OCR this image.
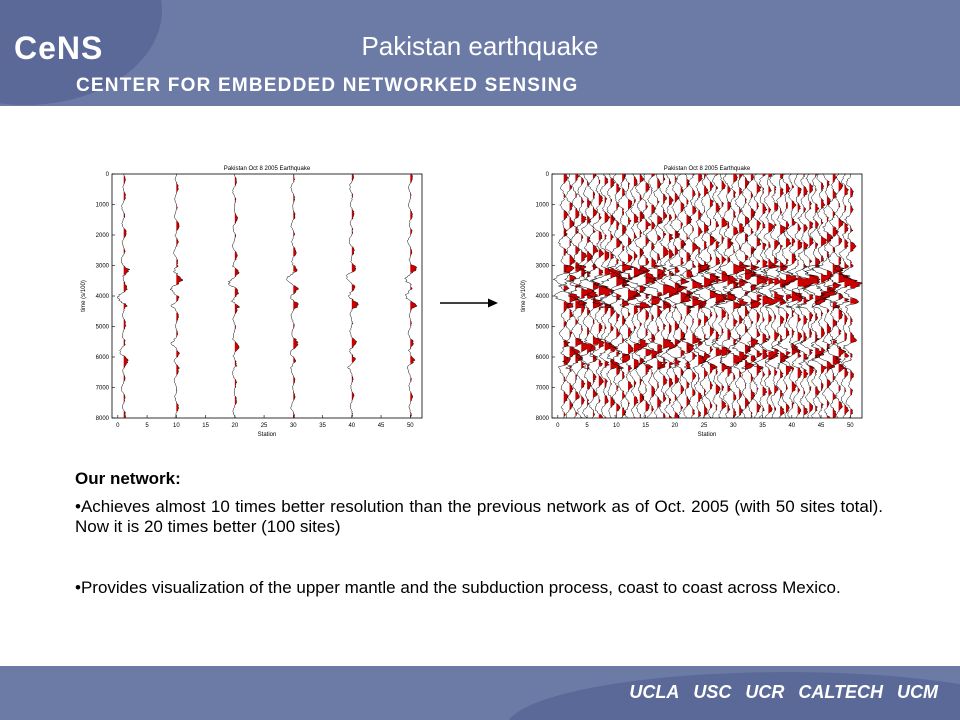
CeNS
CENTER FOR EMBEDDED NETWORKED SENSING
Pakistan earthquake
Pakistan Oct 8 2005 Earthquake
Station
time (s/100)
0	5	10	15	20	25	30	35	40	45	50
0
1000
2000
3000
4000
5000
6000
7000
8000
Pakistan Oct 8 2005 Earthquake
Station
time (s/100)
0	5	10	15	20	25	30	35	40	45	50
0
1000
2000
3000
4000
5000
6000
7000
8000
Our network:
•Achieves almost 10 times better resolution than the previous network as of Oct. 2005 (with 50 sites total). Now it is 20 times better (100 sites)
•Provides visualization of the upper mantle and the subduction process, coast to coast across Mexico.
UCLA USC UCR CALTECH UCM
